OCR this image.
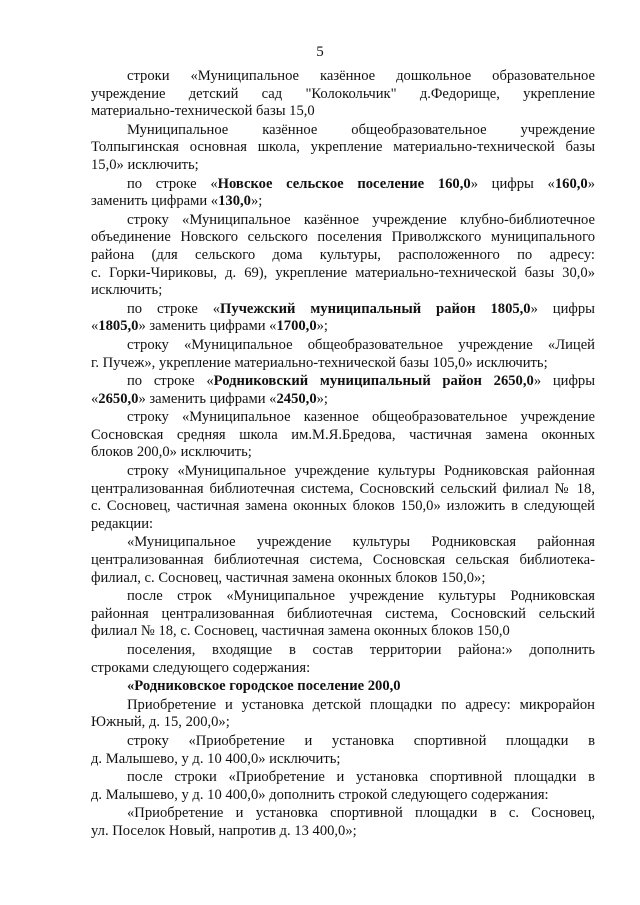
5
строки «Муниципальное казённое дошкольное образовательное
учреждение детский сад "Колокольчик" д.Федорище, укрепление
материально-технической базы 15,0
Муниципальное казённое общеобразовательное учреждение
Толпыгинская основная школа, укрепление материально-технической базы
15,0» исключить;
по строке «Новское сельское поселение 160,0» цифры «160,0»
заменить цифрами «130,0»;
строку «Муниципальное казённое учреждение клубно-библиотечное
объединение Новского сельского поселения Приволжского муниципального
района (для сельского дома культуры, расположенного по адресу:
с. Горки-Чириковы, д. 69), укрепление материально-технической базы 30,0»
исключить;
по строке «Пучежский муниципальный район 1805,0» цифры
«1805,0» заменить цифрами «1700,0»;
строку «Муниципальное общеобразовательное учреждение «Лицей
г. Пучеж», укрепление материально-технической базы 105,0» исключить;
по строке «Родниковский муниципальный район 2650,0» цифры
«2650,0» заменить цифрами «2450,0»;
строку «Муниципальное казенное общеобразовательное учреждение
Сосновская средняя школа им.М.Я.Бредова, частичная замена оконных
блоков 200,0» исключить;
строку «Муниципальное учреждение культуры Родниковская районная
централизованная библиотечная система, Сосновский сельский филиал № 18,
с. Сосновец, частичная замена оконных блоков 150,0» изложить в следующей
редакции:
«Муниципальное учреждение культуры Родниковская районная
централизованная библиотечная система, Сосновская сельская библиотека-
филиал, с. Сосновец, частичная замена оконных блоков 150,0»;
после строк «Муниципальное учреждение культуры Родниковская
районная централизованная библиотечная система, Сосновский сельский
филиал № 18, с. Сосновец, частичная замена оконных блоков 150,0
поселения, входящие в состав территории района:» дополнить
строками следующего содержания:
«Родниковское городское поселение 200,0
Приобретение и установка детской площадки по адресу: микрорайон
Южный, д. 15, 200,0»;
строку «Приобретение и установка спортивной площадки в
д. Малышево, у д. 10 400,0» исключить;
после строки «Приобретение и установка спортивной площадки в
д. Малышево, у д. 10 400,0» дополнить строкой следующего содержания:
«Приобретение и установка спортивной площадки в с. Сосновец,
ул. Поселок Новый, напротив д. 13 400,0»;
